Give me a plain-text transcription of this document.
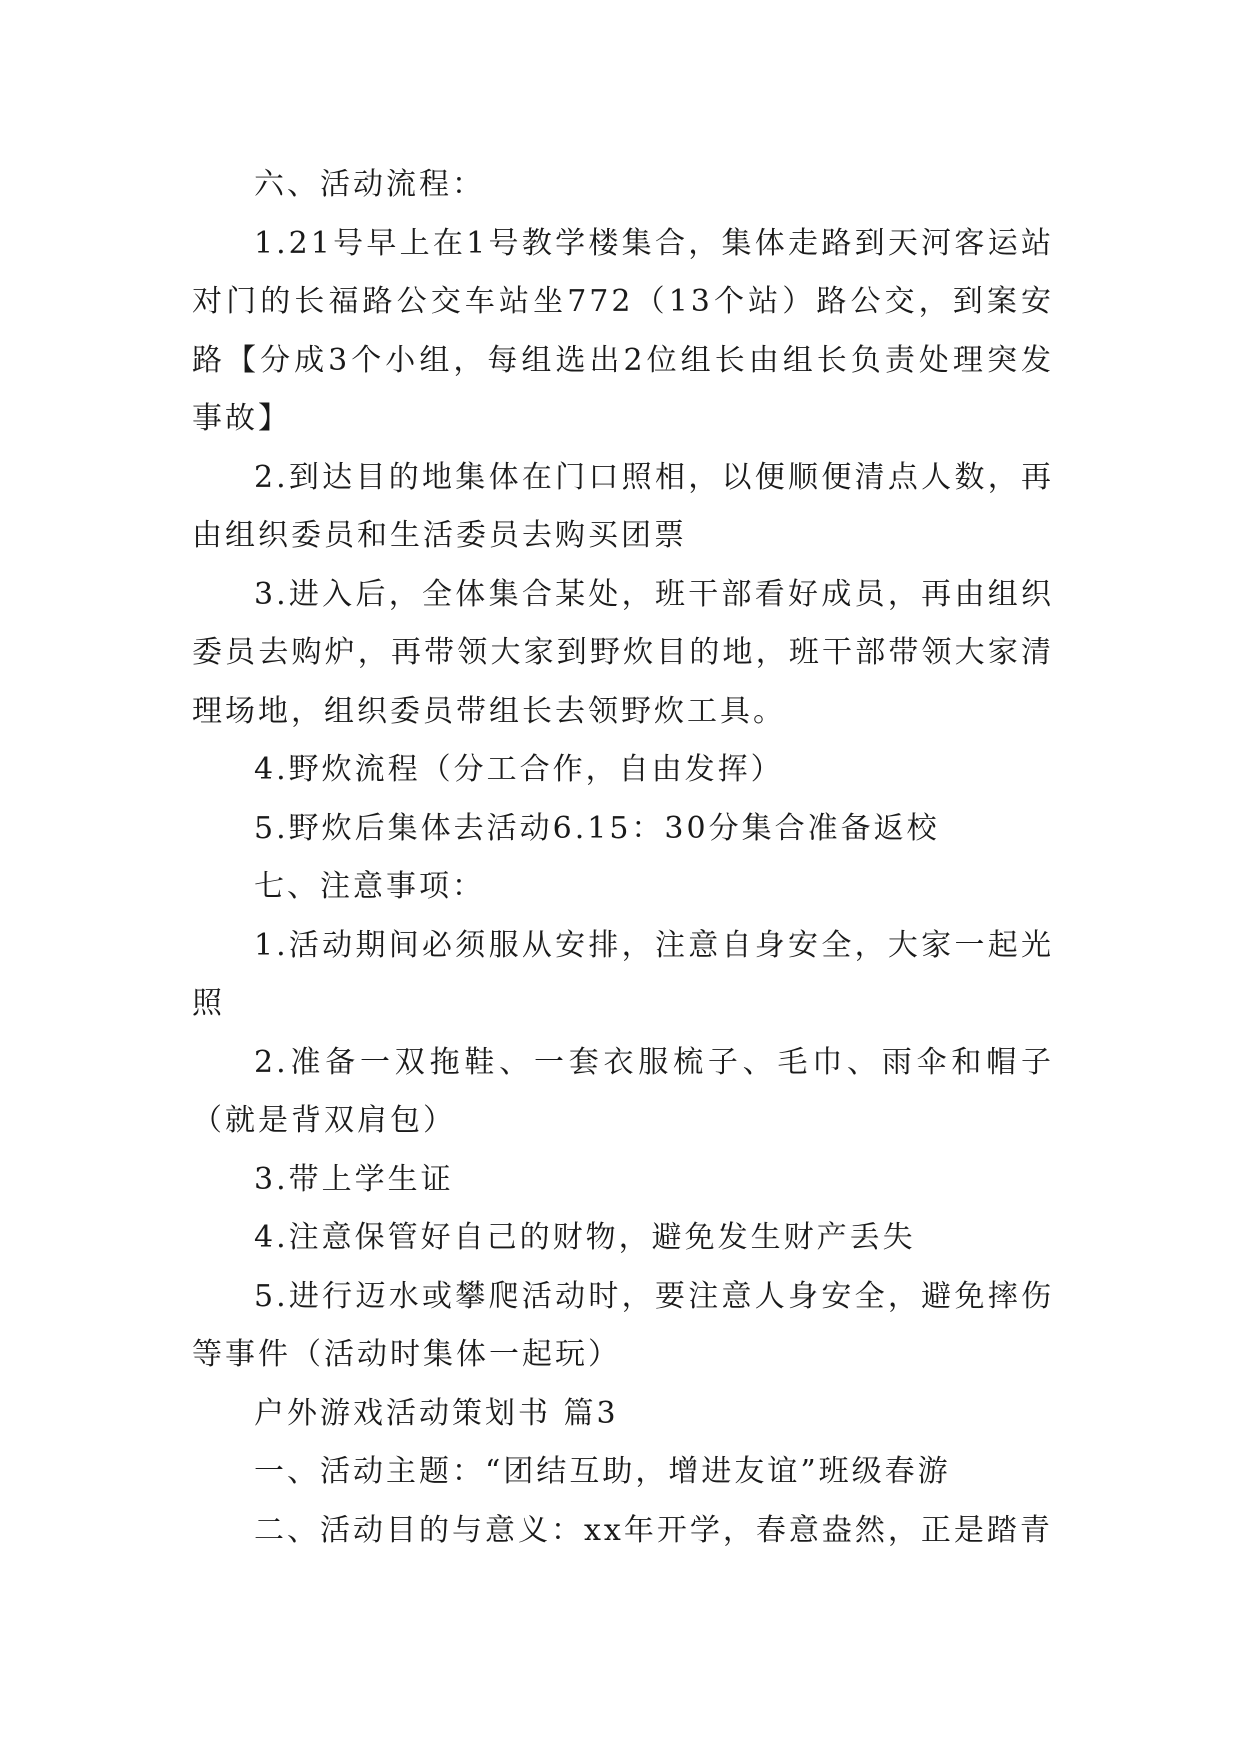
六、活动流程：

1.21号早上在1号教学楼集合，集体走路到天河客运站对门的长福路公交车站坐772（13个站）路公交，到案安路【分成3个小组，每组选出2位组长由组长负责处理突发事故】

2.到达目的地集体在门口照相，以便顺便清点人数，再由组织委员和生活委员去购买团票

3.进入后，全体集合某处，班干部看好成员，再由组织委员去购炉，再带领大家到野炊目的地，班干部带领大家清理场地，组织委员带组长去领野炊工具。

4.野炊流程（分工合作，自由发挥）

5.野炊后集体去活动6.15：30分集合准备返校

七、注意事项：

1.活动期间必须服从安排，注意自身安全，大家一起光照

2.准备一双拖鞋、一套衣服梳子、毛巾、雨伞和帽子（就是背双肩包）

3.带上学生证

4.注意保管好自己的财物，避免发生财产丢失

5.进行迈水或攀爬活动时，要注意人身安全，避免摔伤等事件（活动时集体一起玩）

户外游戏活动策划书 篇3

一、活动主题：“团结互助，增进友谊”班级春游

二、活动目的与意义：xx年开学，春意盎然，正是踏青
